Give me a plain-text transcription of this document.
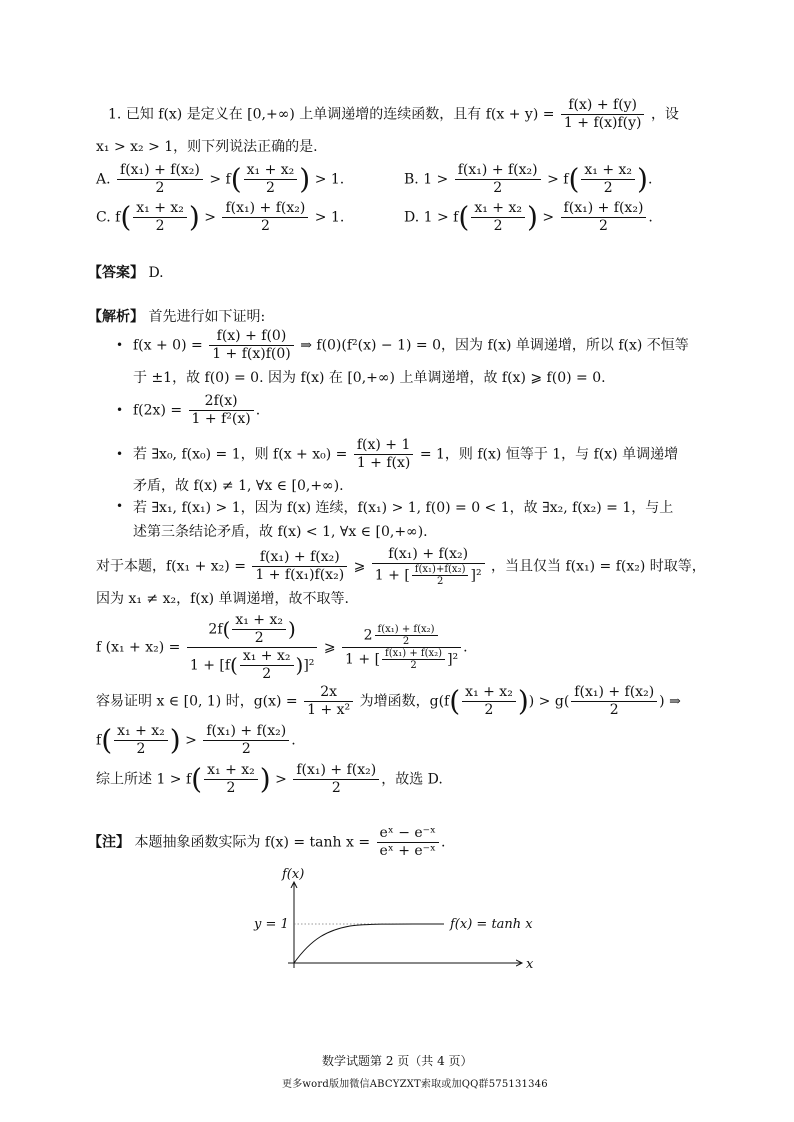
1. 已知 f(x) 是定义在 [0,+∞) 上单调递增的连续函数，且有 $f(x + y) = \frac{f(x) + f(y)}{1 + f(x)f(y)}$ ，设
x₁ > x₂ > 1，则下列说法正确的是.
A. $\frac{\text{f(x₁) + f(x₂)}}{2} > f( \frac{\text{x₁ + x₂}}{2}$ ) > 1.	B. $1 > \frac{\text{f(x₁) + f(x₂)}}{2} > f( \frac{\text{x₁ + x₂}}{2}$ ).
C. $f( \frac{\text{x₁ + x₂}}{2}$ ) > $\frac{\text{f(x₁) + f(x₂)}}{2} > 1$.	D. $1 > f( \frac{\text{x₁ + x₂}}{2}$ ) > $\frac{\text{f(x₁) + f(x₂)}}{2}$ .
【答案】 D.
【解析】 首先进行如下证明:
• $f(x + 0) = \frac{f(x) + f(0)}{1 + f(x)f(0)}$ ⇒ f(0)(f²(x) − 1) = 0，因为 f(x) 单调递增，所以 f(x) 不恒等
于 ±1，故 f(0) = 0. 因为 f(x) 在 [0,+∞) 上单调递增，故 f(x) ⩾ f(0) = 0.
• $f(2x) = \frac{2f(x)}{\text{1 + f²(x)}}$ .
• 若 ∃x₀, f(x₀) = 1，则 $f(x + x_0) = \frac{f(x) + 1}{1 + f(x)} = 1$，则 f(x) 恒等于 1，与 f(x) 单调递增
矛盾，故 f(x) ≠ 1, ∀x ∈ [0,+∞).
• 若 ∃x₁, f(x₁) > 1，因为 f(x) 连续，f(x₁) > 1, f(0) = 0 < 1，故 ∃x₂, f(x₂) = 1，与上
述第三条结论矛盾，故 f(x) < 1, ∀x ∈ [0,+∞).
对于本题，$f(x_1 + x_2) = \frac{\text{f(x₁) + f(x₂)}}{\text{1 + f(x₁)f(x₂)}}$ ⩾ $\frac{\text{f(x₁) + f(x₂)}}{1 + [ \frac{\text{f(x₁)+f(x₂)}}{2} ]^2}$ ，当且仅当 f(x₁) = f(x₂) 时取等，
因为 x₁ ≠ x₂，f(x) 单调递增，故不取等.
f $(x_1 + x_2) = \frac{2f( \frac{\text{x₁ + x₂}}{2} )}{1 + [f( \frac{\text{x₁ + x₂}}{2} )]^2}$ ⩾ $\frac{2 \frac{\text{f(x₁) + f(x₂)}}{2}}{1 + [ \frac{\text{f(x₁) + f(x₂)}}{2} ]^2}$ .
容易证明 x ∈ [0, 1) 时，$g(x) = \frac{2x}{\text{1 + x²}}$ 为增函数，$g(f( \frac{\text{x₁ + x₂}}{2}$ )) > $g( \frac{\text{f(x₁) + f(x₂)}}{2}$ ) ⇒
$f( \frac{\text{x₁ + x₂}}{2}$ ) > $\frac{\text{f(x₁) + f(x₂)}}{2}$ .
综上所述 $1 > f( \frac{\text{x₁ + x₂}}{2}$ ) > $\frac{\text{f(x₁) + f(x₂)}}{2}$ ，故选 D.
【注】 本题抽象函数实际为 $f(x) = \tanh x = \frac{\text{eˣ − e⁻ˣ}}{\text{eˣ + e⁻ˣ}}$ .
f(x)
x
y = 1	f(x) = tanh x
数学试题第 2 页（共 4 页）
更多word版加微信ABCYZXT索取或加QQ群575131346
